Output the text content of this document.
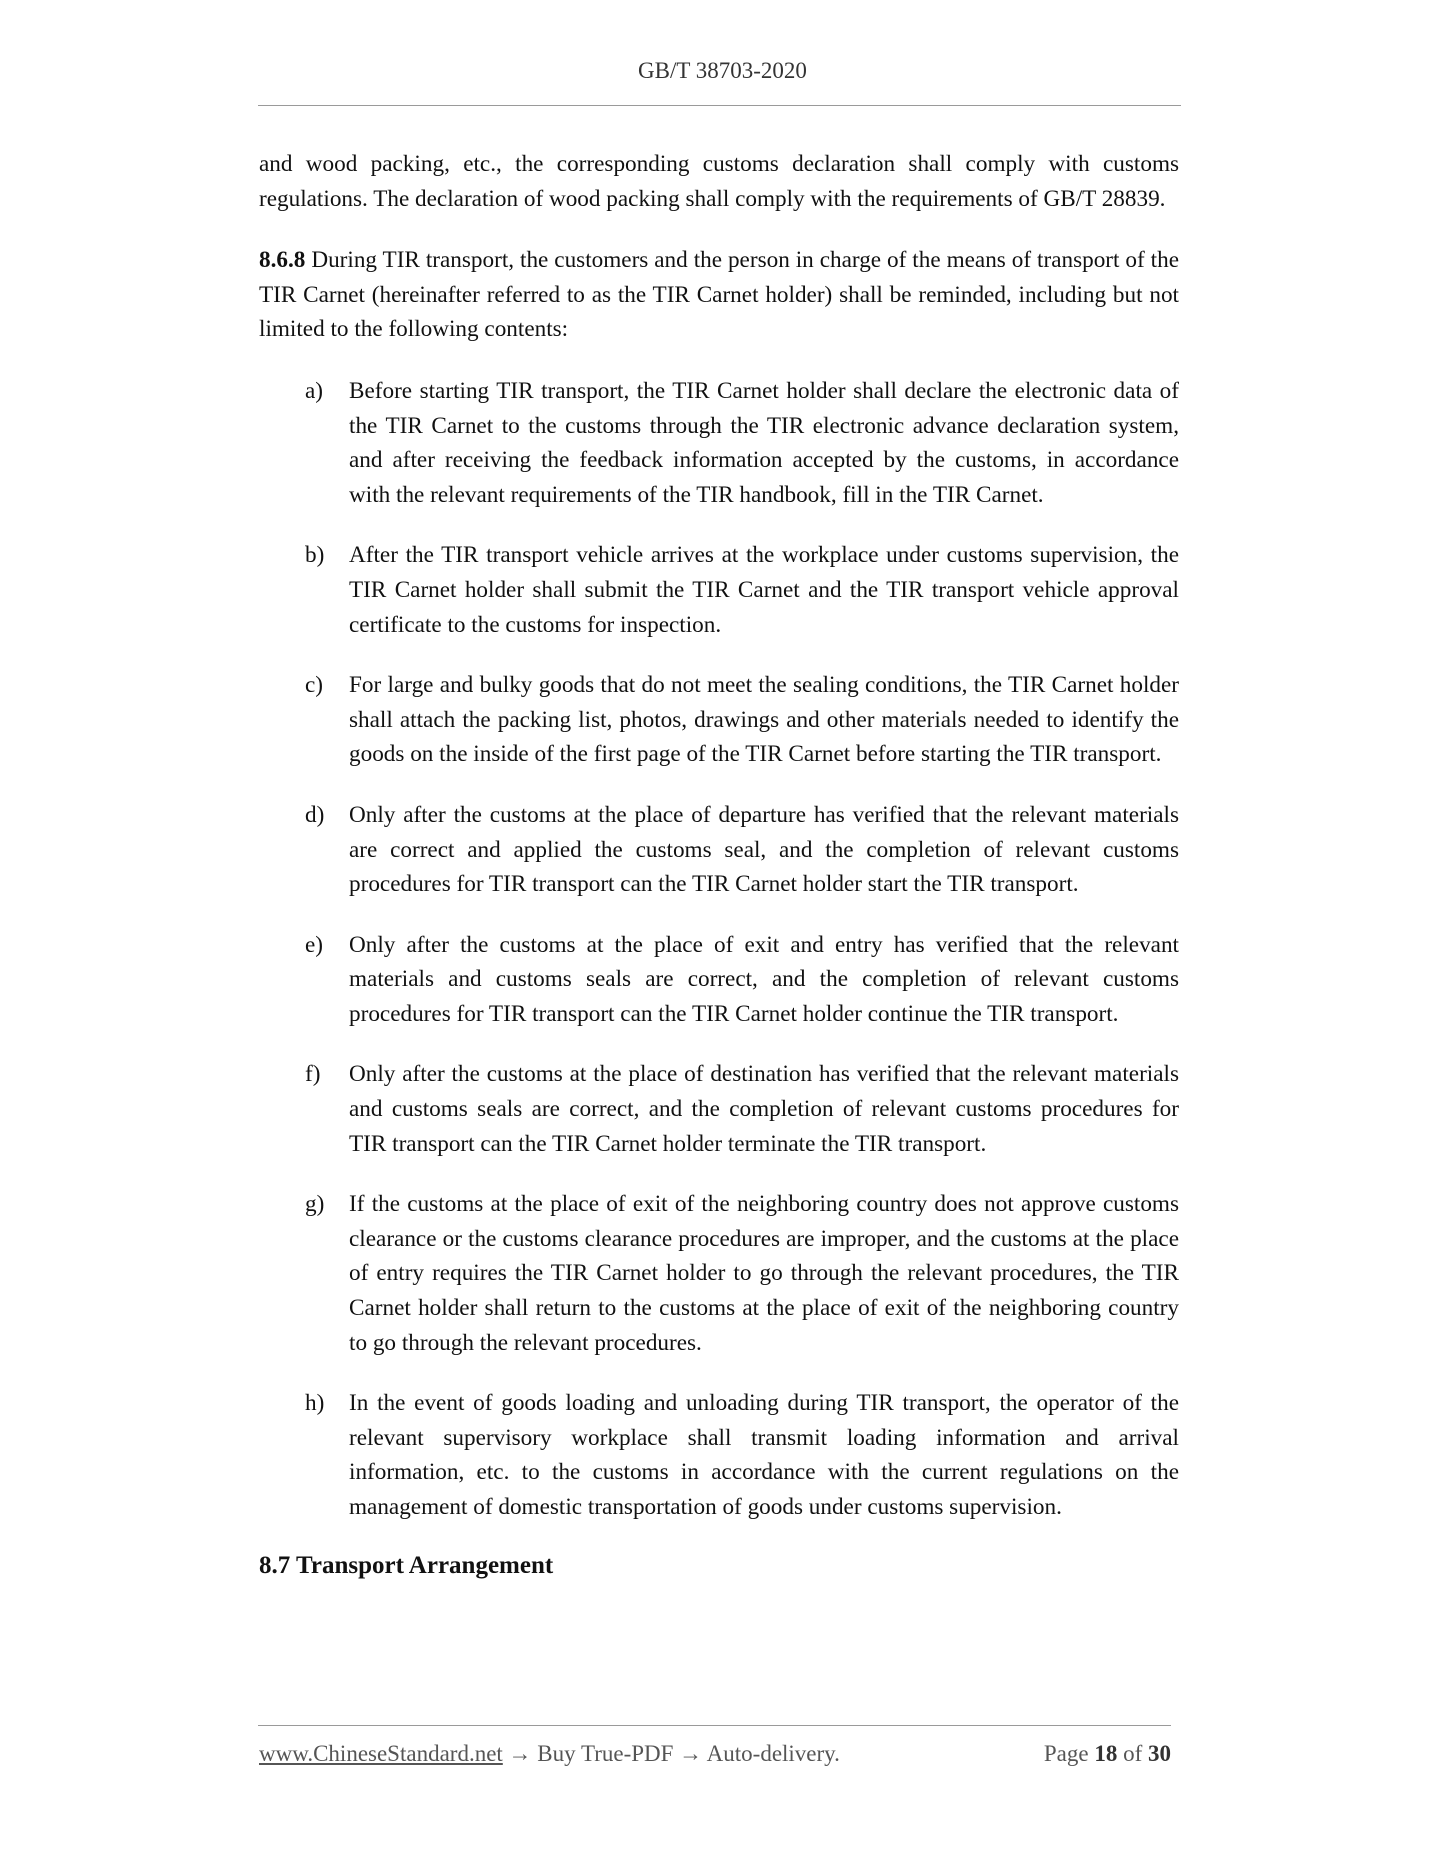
GB/T 38703-2020

and wood packing, etc., the corresponding customs declaration shall comply with customs regulations. The declaration of wood packing shall comply with the requirements of GB/T 28839.

8.6.8 During TIR transport, the customers and the person in charge of the means of transport of the TIR Carnet (hereinafter referred to as the TIR Carnet holder) shall be reminded, including but not limited to the following contents:

a)	Before starting TIR transport, the TIR Carnet holder shall declare the electronic data of the TIR Carnet to the customs through the TIR electronic advance declaration system, and after receiving the feedback information accepted by the customs, in accordance with the relevant requirements of the TIR handbook, fill in the TIR Carnet.
b)	After the TIR transport vehicle arrives at the workplace under customs supervision, the TIR Carnet holder shall submit the TIR Carnet and the TIR transport vehicle approval certificate to the customs for inspection.
c)	For large and bulky goods that do not meet the sealing conditions, the TIR Carnet holder shall attach the packing list, photos, drawings and other materials needed to identify the goods on the inside of the first page of the TIR Carnet before starting the TIR transport.
d)	Only after the customs at the place of departure has verified that the relevant materials are correct and applied the customs seal, and the completion of relevant customs procedures for TIR transport can the TIR Carnet holder start the TIR transport.
e)	Only after the customs at the place of exit and entry has verified that the relevant materials and customs seals are correct, and the completion of relevant customs procedures for TIR transport can the TIR Carnet holder continue the TIR transport.
f)	Only after the customs at the place of destination has verified that the relevant materials and customs seals are correct, and the completion of relevant customs procedures for TIR transport can the TIR Carnet holder terminate the TIR transport.
g)	If the customs at the place of exit of the neighboring country does not approve customs clearance or the customs clearance procedures are improper, and the customs at the place of entry requires the TIR Carnet holder to go through the relevant procedures, the TIR Carnet holder shall return to the customs at the place of exit of the neighboring country to go through the relevant procedures.
h)	In the event of goods loading and unloading during TIR transport, the operator of the relevant supervisory workplace shall transmit loading information and arrival information, etc. to the customs in accordance with the current regulations on the management of domestic transportation of goods under customs supervision.
8.7 Transport Arrangement
www.ChineseStandard.net → Buy True-PDF → Auto-delivery.	Page 18 of 30
